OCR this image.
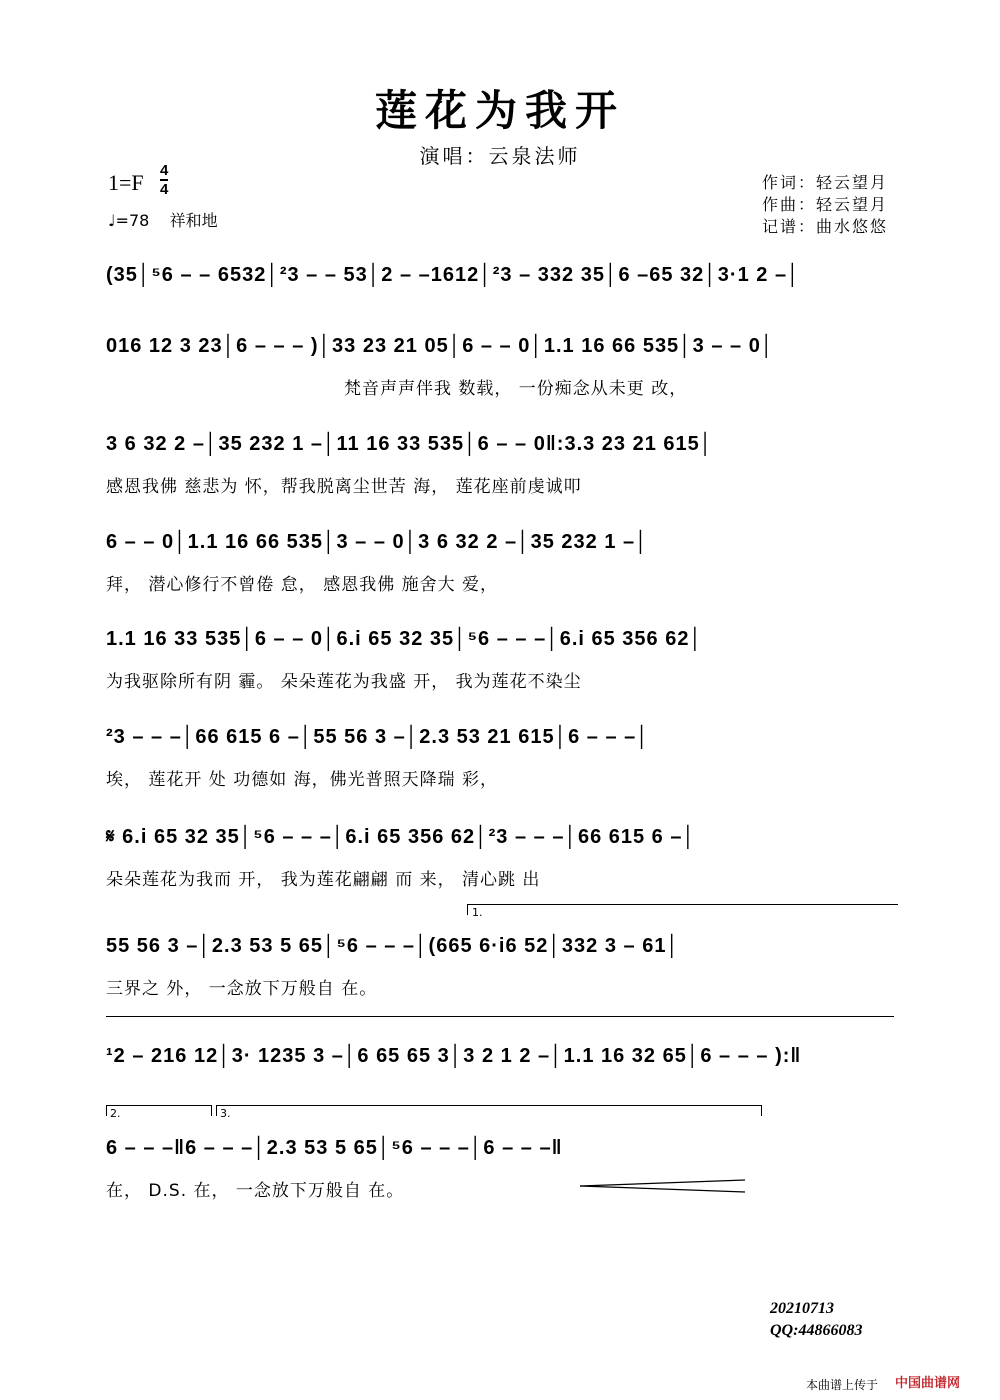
莲花为我开
演唱：云泉法师
1=F 4
4
♩=78 祥和地
作词：轻云望月
作曲：轻云望月
记谱：曲水悠悠
(35│⁵6 – – 6532│²3 – – 53│2 – –1612│²3 – 332 35│6 –65 32│3·1 2 –│
016 12 3 23│6 – – – )│33 23 21 05│6 – – 0│1.1 16 66 535│3 – – 0│
梵音声声伴我 数载， 一份痴念从未更 改，
3 6 32 2 –│35 232 1 –│11 16 33 535│6 – – 0‖:3.3 23 21 615│
感恩我佛 慈悲为 怀，帮我脱离尘世苦 海， 莲花座前虔诚叩
6 – – 0│1.1 16 66 535│3 – – 0│3 6 32 2 –│35 232 1 –│
拜， 潜心修行不曾倦 怠， 感恩我佛 施舍大 爱，
1.1 16 33 535│6 – – 0│6.i 65 32 35│⁵6 – – –│6.i 65 356 62│
为我驱除所有阴 霾。 朵朵莲花为我盛 开， 我为莲花不染尘
²3 – – –│66 615 6 –│55 56 3 –│2.3 53 21 615│6 – – –│
埃， 莲花开 处 功德如 海，佛光普照天降瑞 彩，
𝄋 6.i 65 32 35│⁵6 – – –│6.i 65 356 62│²3 – – –│66 615 6 –│
朵朵莲花为我而 开， 我为莲花翩翩 而 来， 清心跳 出
1.
55 56 3 –│2.3 53 5 65│⁵6 – – –│(665 6·i6 52│332 3 – 61│
三界之 外， 一念放下万般自 在。
¹2 – 216 12│3· 1235 3 –│6 65 65 3│3 2 1 2 –│1.1 16 32 65│6 – – – ):‖
2.	3.
6 – – –‖6 – – –│2.3 53 5 65│⁵6 – – –│6 – – –‖
在， D.S. 在， 一念放下万般自 在。
20210713
QQ:44866083
本曲谱上传于 中国曲谱网
